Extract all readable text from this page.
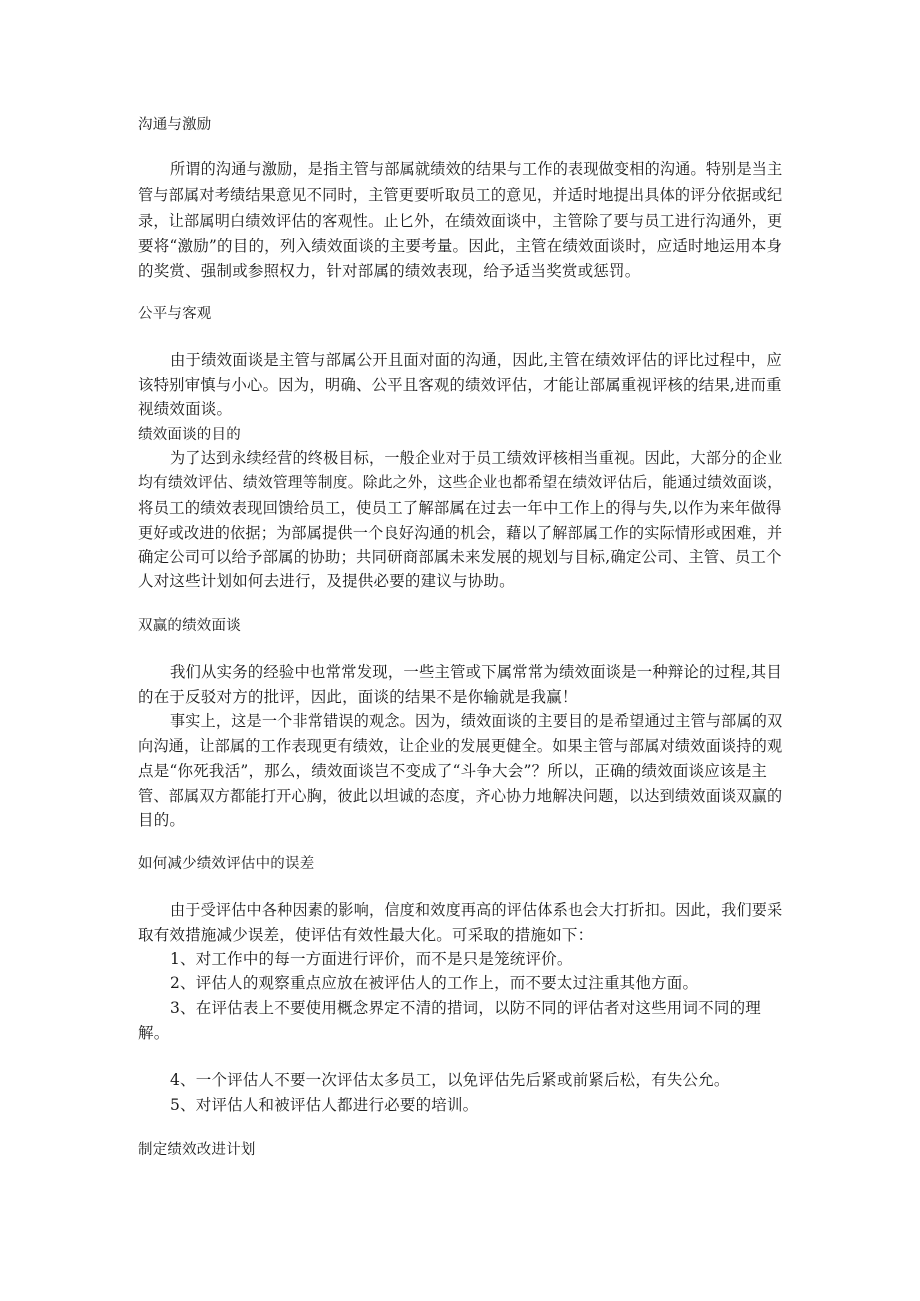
沟通与激励
所谓的沟通与激励，是指主管与部属就绩效的结果与工作的表现做变相的沟通。特别是当主
管与部属对考绩结果意见不同时，主管更要听取员工的意见，并适时地提出具体的评分依据或纪
录，让部属明白绩效评估的客观性。止匕外，在绩效面谈中，主管除了要与员工进行沟通外，更
要将“激励”的目的，列入绩效面谈的主要考量。因此，主管在绩效面谈时，应适时地运用本身
的奖赏、强制或参照权力，针对部属的绩效表现，给予适当奖赏或惩罚。
公平与客观
由于绩效面谈是主管与部属公开且面对面的沟通，因此,主管在绩效评估的评比过程中，应
该特别审慎与小心。因为，明确、公平且客观的绩效评估，才能让部属重视评核的结果,进而重
视绩效面谈。
绩效面谈的目的
为了达到永续经营的终极目标，一般企业对于员工绩效评核相当重视。因此，大部分的企业
均有绩效评估、绩效管理等制度。除此之外，这些企业也都希望在绩效评估后，能通过绩效面谈，
将员工的绩效表现回馈给员工，使员工了解部属在过去一年中工作上的得与失,以作为来年做得
更好或改进的依据；为部属提供一个良好沟通的机会，藉以了解部属工作的实际情形或困难，并
确定公司可以给予部属的协助；共同研商部属未来发展的规划与目标,确定公司、主管、员工个
人对这些计划如何去进行，及提供必要的建议与协助。
双赢的绩效面谈
我们从实务的经验中也常常发现，一些主管或下属常常为绩效面谈是一种辩论的过程,其目
的在于反驳对方的批评，因此，面谈的结果不是你输就是我赢！
事实上，这是一个非常错误的观念。因为，绩效面谈的主要目的是希望通过主管与部属的双
向沟通，让部属的工作表现更有绩效，让企业的发展更健全。如果主管与部属对绩效面谈持的观
点是“你死我活”，那么，绩效面谈岂不变成了“斗争大会”？所以，正确的绩效面谈应该是主
管、部属双方都能打开心胸，彼此以坦诚的态度，齐心协力地解决问题，以达到绩效面谈双赢的
目的。
如何减少绩效评估中的误差
由于受评估中各种因素的影响，信度和效度再高的评估体系也会大打折扣。因此，我们要采
取有效措施减少误差，使评估有效性最大化。可采取的措施如下：
1、对工作中的每一方面进行评价，而不是只是笼统评价。
2、评估人的观察重点应放在被评估人的工作上，而不要太过注重其他方面。
3、在评估表上不要使用概念界定不清的措词，以防不同的评估者对这些用词不同的理
解。
4、一个评估人不要一次评估太多员工，以免评估先后紧或前紧后松，有失公允。
5、对评估人和被评估人都进行必要的培训。
制定绩效改进计划
